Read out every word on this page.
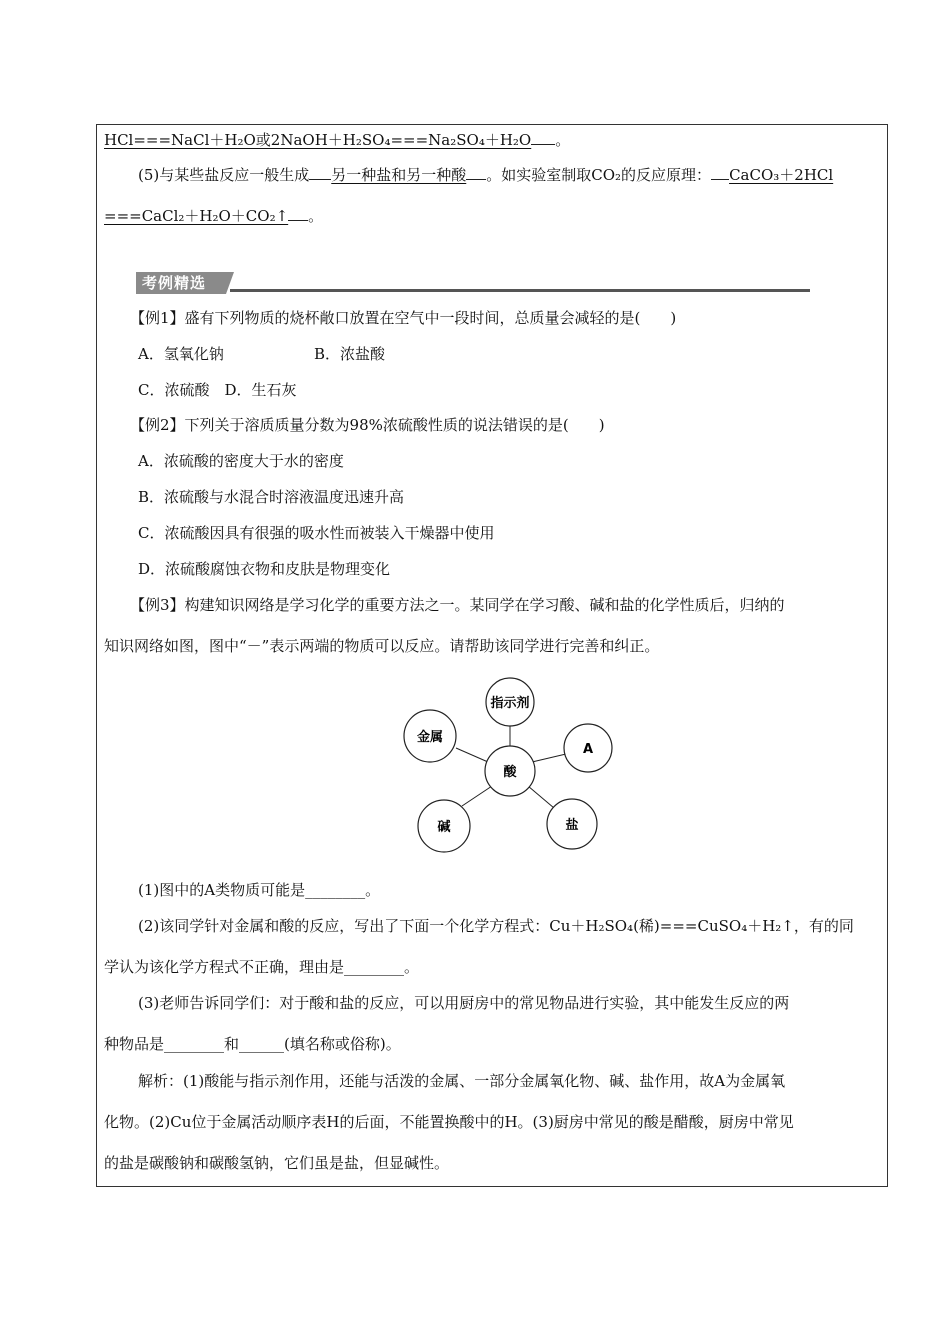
HCl===NaCl＋H₂O或2NaOH＋H₂SO₄===Na₂SO₄＋H₂O 。
(5)与某些盐反应一般生成 另一种盐和另一种酸 。如实验室制取CO₂的反应原理： CaCO₃＋2HCl
===CaCl₂＋H₂O＋CO₂↑ 。
考例精选
【例1】盛有下列物质的烧杯敞口放置在空气中一段时间，总质量会减轻的是(　　)
A．氢氧化钠	B．浓盐酸
C．浓硫酸　D．生石灰
【例2】下列关于溶质质量分数为98%浓硫酸性质的说法错误的是(　　)
A．浓硫酸的密度大于水的密度
B．浓硫酸与水混合时溶液温度迅速升高
C．浓硫酸因具有很强的吸水性而被装入干燥器中使用
D．浓硫酸腐蚀衣物和皮肤是物理变化
【例3】构建知识网络是学习化学的重要方法之一。某同学在学习酸、碱和盐的化学性质后，归纳的
知识网络如图，图中“－”表示两端的物质可以反应。请帮助该同学进行完善和纠正。
指示剂
金属
酸
A
碱	盐
(1)图中的A类物质可能是________。
(2)该同学针对金属和酸的反应，写出了下面一个化学方程式：Cu＋H₂SO₄(稀)===CuSO₄＋H₂↑，有的同
学认为该化学方程式不正确，理由是________。
(3)老师告诉同学们：对于酸和盐的反应，可以用厨房中的常见物品进行实验，其中能发生反应的两
种物品是________和______(填名称或俗称)。
解析：(1)酸能与指示剂作用，还能与活泼的金属、一部分金属氧化物、碱、盐作用，故A为金属氧
化物。(2)Cu位于金属活动顺序表H的后面，不能置换酸中的H。(3)厨房中常见的酸是醋酸，厨房中常见
的盐是碳酸钠和碳酸氢钠，它们虽是盐，但显碱性。
